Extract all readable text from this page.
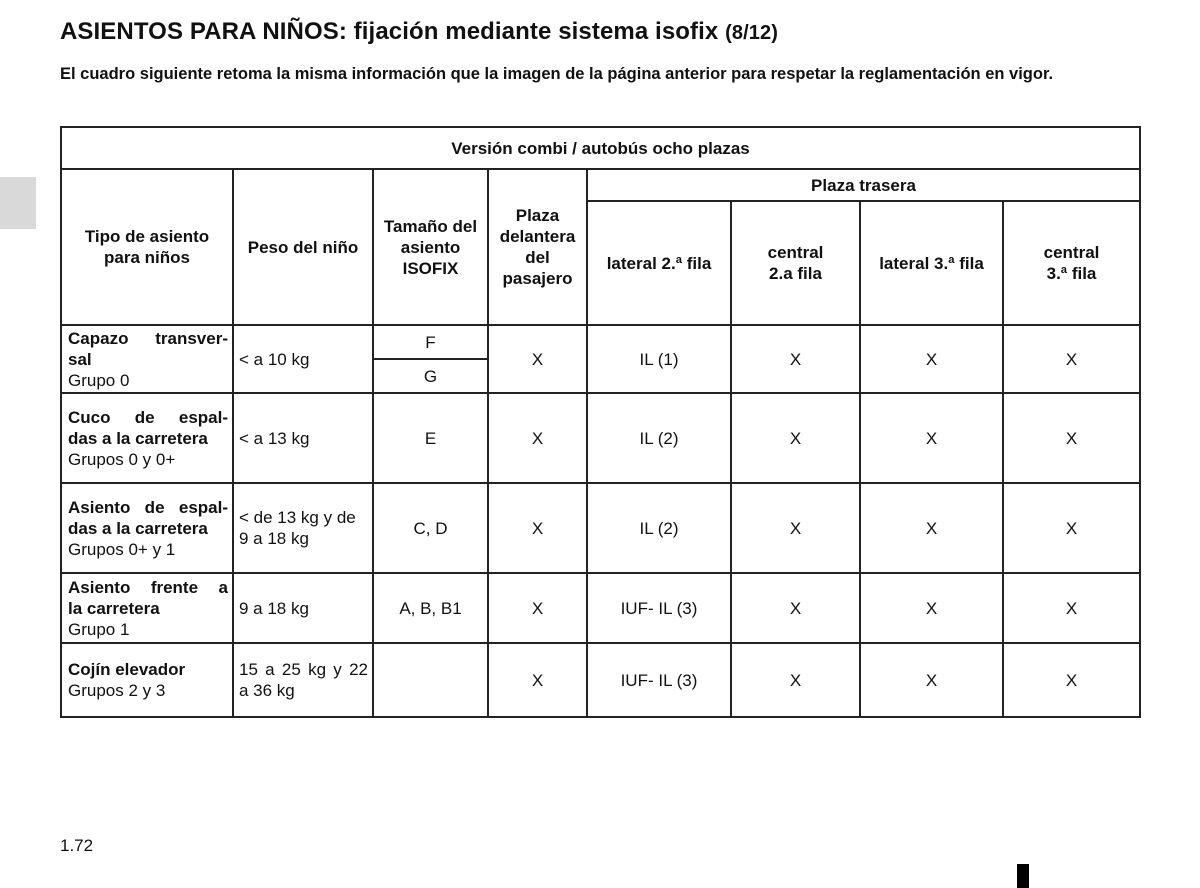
ASIENTOS PARA NIÑOS: fijación mediante sistema isofix (8/12)
El cuadro siguiente retoma la misma información que la imagen de la página anterior para respetar la reglamentación en vigor.
Versión combi / autobús ocho plazas							
Tipo de asiento para niños	Peso del niño	Tamaño del asiento ISOFIX	Plaza delantera del pasajero	Plaza trasera			
				lateral 2.ª fila	central 2.a fila	lateral 3.ª fila	central 3.ª fila

Capazo transver-
sal
Grupo 0	< a 10 kg	F	X	IL (1)	X	X	X
		G					

Cuco de espal-
das a la carretera
Grupos 0 y 0+	< a 13 kg	E	X	IL (2)	X	X	X

Asiento de espal-
das a la carretera
Grupos 0+ y 1	< de 13 kg y de 9 a 18 kg	C, D	X	IL (2)	X	X	X

Asiento frente a
la carretera
Grupo 1	9 a 18 kg	A, B, B1	X	IUF- IL (3)	X	X	X

Cojín elevador
Grupos 2 y 3	15 a 25 kg y 22 a 36 kg		X	IUF- IL (3)	X	X	X
1.72
